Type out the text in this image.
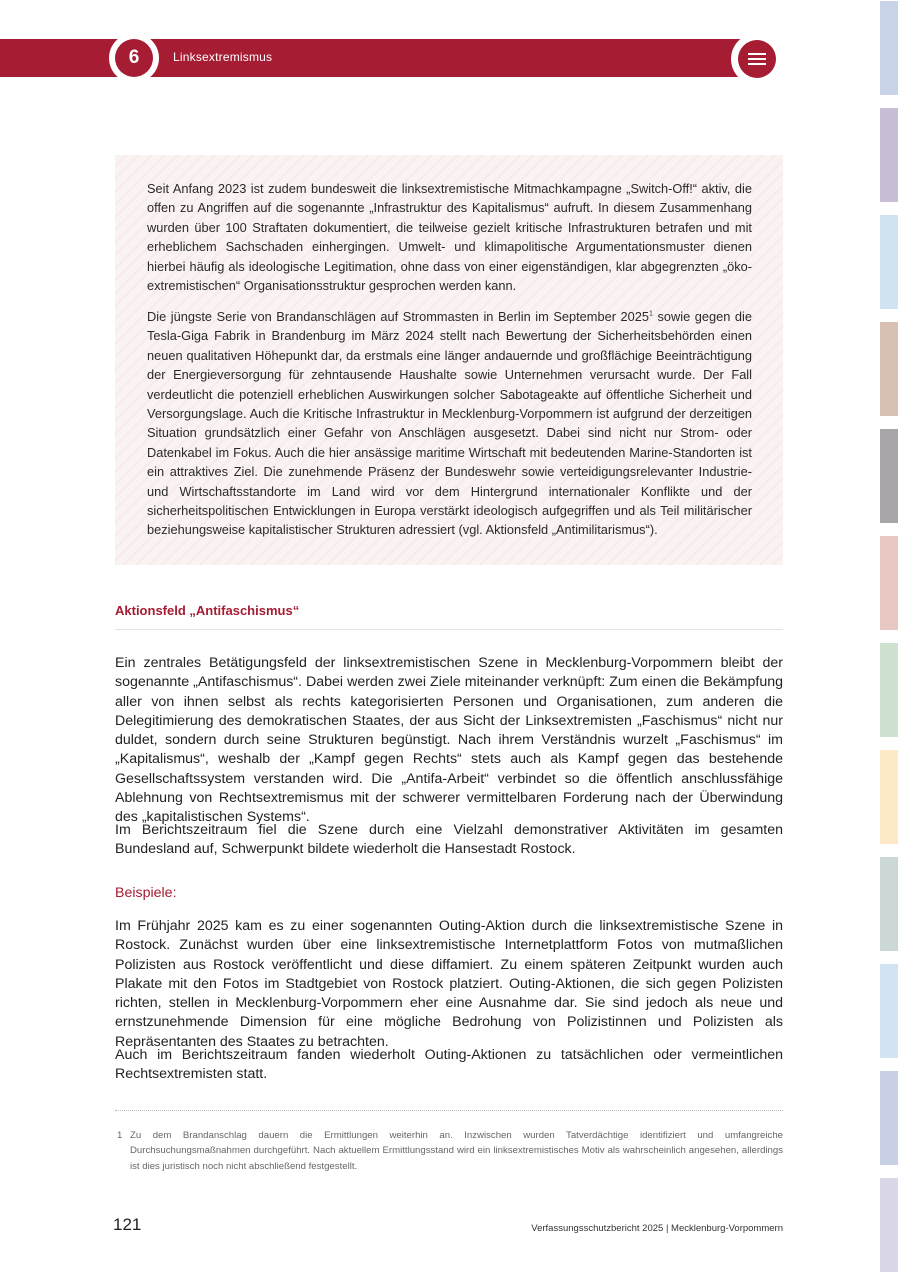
6	Linksextremismus

Seit Anfang 2023 ist zudem bundesweit die linksextremistische Mitmachkampagne „Switch-Off!“ aktiv, die offen zu Angriffen auf die sogenannte „Infrastruktur des Kapitalismus“ aufruft. In diesem Zusammenhang wurden über 100 Straftaten dokumentiert, die teilweise gezielt kritische Infrastrukturen betrafen und mit erheblichem Sachschaden einhergingen. Umwelt- und klimapolitische Argumentationsmuster dienen hierbei häufig als ideologische Legitimation, ohne dass von einer eigenständigen, klar abgegrenzten „öko-extremistischen“ Organisationsstruktur gesprochen werden kann.

Die jüngste Serie von Brandanschlägen auf Strommasten in Berlin im September 2025$^1$ sowie gegen die Tesla-Giga Fabrik in Brandenburg im März 2024 stellt nach Bewertung der Sicherheitsbehörden einen neuen qualitativen Höhepunkt dar, da erstmals eine länger andauernde und großflächige Beeinträchtigung der Energieversorgung für zehntausende Haushalte sowie Unternehmen verursacht wurde. Der Fall verdeutlicht die potenziell erheblichen Auswirkungen solcher Sabotageakte auf öffentliche Sicherheit und Versorgungslage. Auch die Kritische Infrastruktur in Mecklenburg-Vorpommern ist aufgrund der derzeitigen Situation grundsätzlich einer Gefahr von Anschlägen ausgesetzt. Dabei sind nicht nur Strom- oder Datenkabel im Fokus. Auch die hier ansässige maritime Wirtschaft mit bedeutenden Marine-Standorten ist ein attraktives Ziel. Die zunehmende Präsenz der Bundeswehr sowie verteidigungsrelevanter Industrie- und Wirtschaftsstandorte im Land wird vor dem Hintergrund internationaler Konflikte und der sicherheitspolitischen Entwicklungen in Europa verstärkt ideologisch aufgegriffen und als Teil militärischer beziehungsweise kapitalistischer Strukturen adressiert (vgl. Aktionsfeld „Antimilitarismus“).

Aktionsfeld „Antifaschismus“

Ein zentrales Betätigungsfeld der linksextremistischen Szene in Mecklenburg-Vorpommern bleibt der sogenannte „Antifaschismus“. Dabei werden zwei Ziele miteinander verknüpft: Zum einen die Bekämpfung aller von ihnen selbst als rechts kategorisierten Personen und Organisationen, zum anderen die Delegitimierung des demokratischen Staates, der aus Sicht der Linksextremisten „Faschismus“ nicht nur duldet, sondern durch seine Strukturen begünstigt. Nach ihrem Verständnis wurzelt „Faschismus“ im „Kapitalismus“, weshalb der „Kampf gegen Rechts“ stets auch als Kampf gegen das bestehende Gesellschaftssystem verstanden wird. Die „Antifa-Arbeit“ verbindet so die öffentlich anschlussfähige Ablehnung von Rechtsextremismus mit der schwerer vermittelbaren Forderung nach der Überwindung des „kapitalistischen Systems“.

Im Berichtszeitraum fiel die Szene durch eine Vielzahl demonstrativer Aktivitäten im gesamten Bundesland auf, Schwerpunkt bildete wiederholt die Hansestadt Rostock.

Beispiele:

Im Frühjahr 2025 kam es zu einer sogenannten Outing-Aktion durch die linksextremistische Szene in Rostock. Zunächst wurden über eine linksextremistische Internetplattform Fotos von mutmaßlichen Polizisten aus Rostock veröffentlicht und diese diffamiert. Zu einem späteren Zeitpunkt wurden auch Plakate mit den Fotos im Stadtgebiet von Rostock platziert. Outing-Aktionen, die sich gegen Polizisten richten, stellen in Mecklenburg-Vorpommern eher eine Ausnahme dar. Sie sind jedoch als neue und ernstzunehmende Dimension für eine mögliche Bedrohung von Polizistinnen und Polizisten als Repräsentanten des Staates zu betrachten.

Auch im Berichtszeitraum fanden wiederholt Outing-Aktionen zu tatsächlichen oder vermeintlichen Rechtsextremisten statt.

1 Zu dem Brandanschlag dauern die Ermittlungen weiterhin an. Inzwischen wurden Tatverdächtige identifiziert und umfangreiche Durchsuchungsmaßnahmen durchgeführt. Nach aktuellem Ermittlungsstand wird ein linksextremistisches Motiv als wahrscheinlich angesehen, allerdings ist dies juristisch noch nicht abschließend festgestellt.
121	Verfassungsschutzbericht 2025 | Mecklenburg-Vorpommern
